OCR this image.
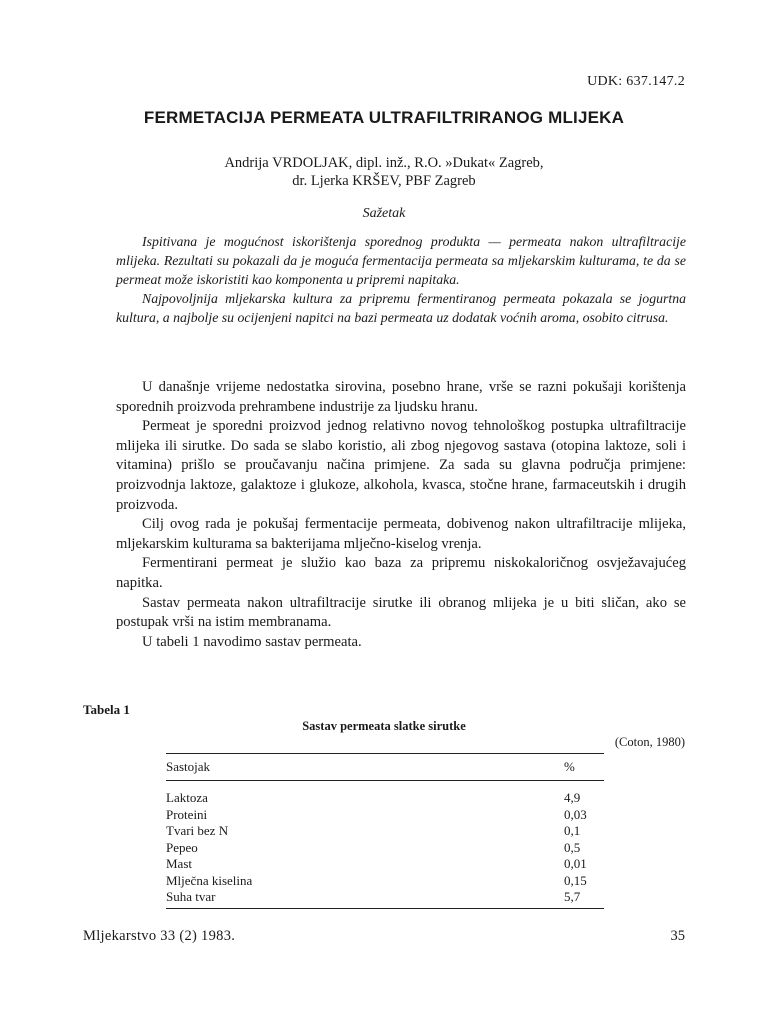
UDK: 637.147.2
FERMETACIJA PERMEATA ULTRAFILTRIRANOG MLIJEKA
Andrija VRDOLJAK, dipl. inž., R.O. »Dukat« Zagreb,
dr. Ljerka KRŠEV, PBF Zagreb
Sažetak

Ispitivana je mogućnost iskorištenja sporednog produkta — permeata nakon ultrafiltracije mlijeka. Rezultati su pokazali da je moguća fermentacija permeata sa mljekarskim kulturama, te da se permeat može iskoristiti kao komponenta u pripremi napitaka.

Najpovoljnija mljekarska kultura za pripremu fermentiranog permeata pokazala se jogurtna kultura, a najbolje su ocijenjeni napitci na bazi permeata uz dodatak voćnih aroma, osobito citrusa.

U današnje vrijeme nedostatka sirovina, posebno hrane, vrše se razni pokušaji korištenja sporednih proizvoda prehrambene industrije za ljudsku hranu.

Permeat je sporedni proizvod jednog relativno novog tehnološkog postupka ultrafiltracije mlijeka ili sirutke. Do sada se slabo koristio, ali zbog njegovog sastava (otopina laktoze, soli i vitamina) prišlo se proučavanju načina primjene. Za sada su glavna područja primjene: proizvodnja laktoze, galaktoze i glukoze, alkohola, kvasca, stočne hrane, farmaceutskih i drugih proizvoda.

Cilj ovog rada je pokušaj fermentacije permeata, dobivenog nakon ultrafiltracije mlijeka, mljekarskim kulturama sa bakterijama mlječno-kiselog vrenja.

Fermentirani permeat je služio kao baza za pripremu niskokaloričnog osvježavajućeg napitka.

Sastav permeata nakon ultrafiltracije sirutke ili obranog mlijeka je u biti sličan, ako se postupak vrši na istim membranama.

U tabeli 1 navodimo sastav permeata.

Tabela 1
Sastav permeata slatke sirutke
(Coton, 1980)
Sastojak	%
Laktoza	4,9
Proteini	0,03
Tvari bez N	0,1
Pepeo	0,5
Mast	0,01
Mlječna kiselina	0,15
Suha tvar	5,7
Mljekarstvo 33 (2) 1983.	35
